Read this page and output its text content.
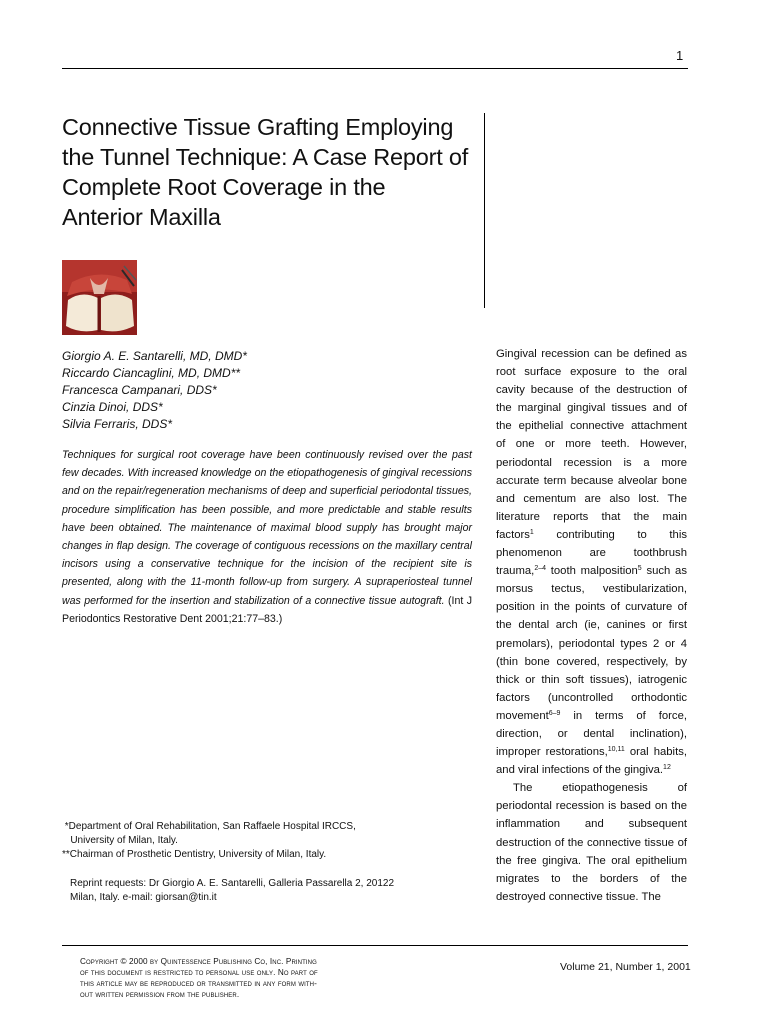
1
Connective Tissue Grafting Employing
the Tunnel Technique: A Case Report of
Complete Root Coverage in the
Anterior Maxilla
Giorgio A. E. Santarelli, MD, DMD*
Riccardo Ciancaglini, MD, DMD**
Francesca Campanari, DDS*
Cinzia Dinoi, DDS*
Silvia Ferraris, DDS*
Techniques for surgical root coverage have been continuously revised over the past few decades. With increased knowledge on the etiopathogenesis of gingival recessions and on the repair/regeneration mechanisms of deep and superficial periodontal tissues, procedure simplification has been possible, and more predictable and stable results have been obtained. The maintenance of maximal blood supply has brought major changes in flap design. The coverage of contiguous recessions on the maxillary central incisors using a conservative technique for the incision of the recipient site is presented, along with the 11-month follow-up from surgery. A supraperiosteal tunnel was performed for the insertion and stabilization of a connective tissue autograft. (Int J Periodontics Restorative Dent 2001;21:77–83.)

Gingival recession can be defined as root surface exposure to the oral cavity because of the destruction of the marginal gingival tissues and of the epithelial connective attachment of one or more teeth. However, periodontal recession is a more accurate term because alveolar bone and cementum are also lost. The literature reports that the main factors$^1$ contributing to this phenomenon are toothbrush trauma,$^{2-4}$ tooth malposition$^5$ such as morsus tectus, vestibularization, position in the points of curvature of the dental arch (ie, canines or first premolars), periodontal types 2 or 4 (thin bone covered, respectively, by thick or thin soft tissues), iatrogenic factors (uncontrolled orthodontic movement$^{6-9}$ in terms of force, direction, or dental inclination), improper restorations,$^{10,11}$ oral habits, and viral infections of the gingiva.$^{12}$

The etiopathogenesis of periodontal recession is based on the inflammation and subsequent destruction of the connective tissue of the free gingiva. The oral epithelium migrates to the borders of the destroyed connective tissue. The

*Department of Oral Rehabilitation, San Raffaele Hospital IRCCS,
University of Milan, Italy.
**Chairman of Prosthetic Dentistry, University of Milan, Italy.
Reprint requests: Dr Giorgio A. E. Santarelli, Galleria Passarella 2, 20122
Milan, Italy. e-mail: giorsan@tin.it
Copyright © 2000 by Quintessence Publishing Co, Inc. Printing
of this document is restricted to personal use only. No part of
this article may be reproduced or transmitted in any form with-
out written permission from the publisher.
Volume 21, Number 1, 2001
